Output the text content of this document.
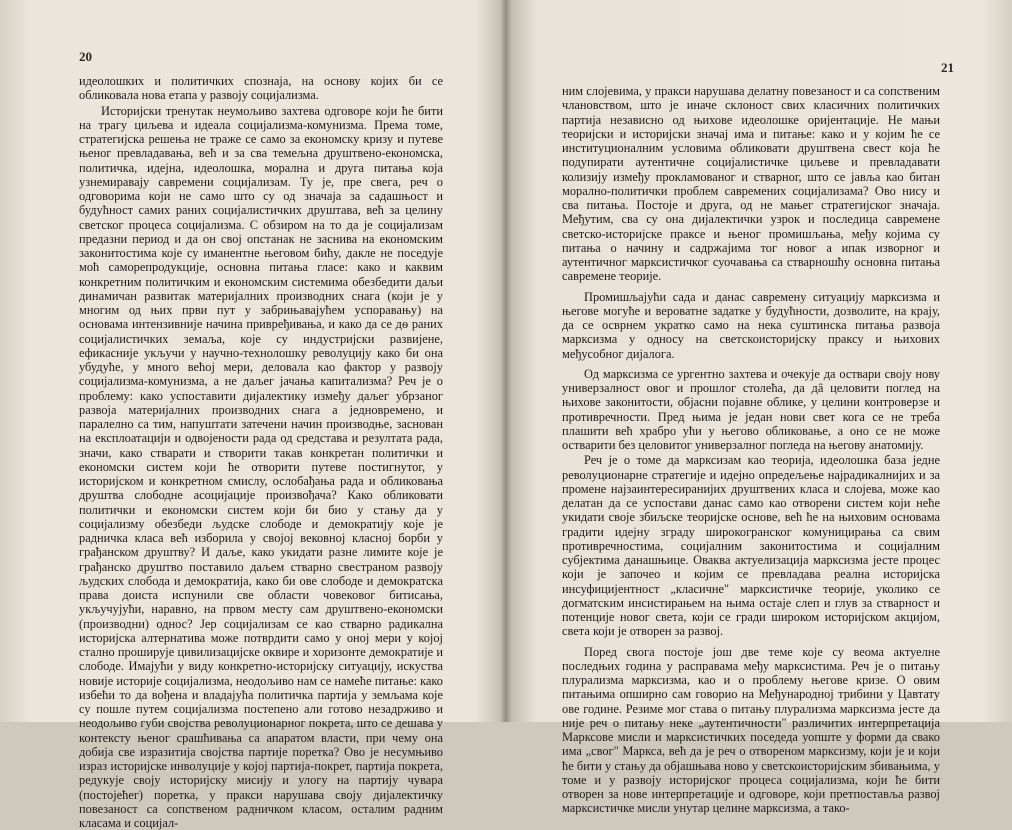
20

идеолошких и политичких спознаја, на основу којих би се обликовала нова етапа у развоју социјализма.

Историјски тренутак неумољиво захтева одговоре који ће бити на трагу циљева и идеала социјализма-комунизма. Према томе, стратегијска решења не траже се само за економску кризу и путеве њеног превладавања, већ и за сва темељна друштвено-економска, политичка, идејна, идеолошка, морална и друга питања која узнемиравају савремени социјализам. Ту је, пре свега, реч о одговорима који не само што су од значаја за садашњост и будућност самих раних социјалистичких друштава, већ за целину светског процеса социјализма. С обзиром на то да је социјализам предазни период и да он свој опстанак не заснива на економским законитостима које су иманентне његовом бићу, дакле не поседује моћ саморепродукције, основна питања гласе: како и каквим конкретним политичким и економским системима обезбедити даљи динамичан развитак материјалних производних снага (који је у многим од њих први пут у забрињавајућем успоравању) на основама интензивније начина привређивања, и како да се дѳ раних социјалистичких земаља, које су индустријски развијене, ефикасније укључи у научно-технолошку револуцију како би она убудуће, у много већој мери, деловала као фактор у развоју социјализма-комунизма, а не даљег јачања капитализма? Реч је о проблему: како успоставити дијалектику између даљег убрзаног развоја материјалних производних снага а једновремено, и паралелно са тим, напуштати затечени начин производње, заснован на експлоатацији и одвојености рада од средстава и резултата рада, значи, како стварати и створити такав конкретан политички и економски систем који ће отворити путеве постигнутог, у историјском и конкретном смислу, ослобађања рада и обликовања друштва слободне асоцијације произвођача? Како обликовати политички и економски систем који би био у стању да у социјализму обезбеди људске слободе и демократију које је радничка класа већ изборила у својој вековној класној борби у грађанском друштву? И даље, како укидати разне лимите које је грађанско друштво поставило даљем стварно свестраном развоју људских слобода и демократија, како би ове слободе и демократска права доиста испунили све области човековог битисања, укључујући, наравно, на првом месту сам друштвено-економски (производни) однос? Јер социјализам се као стварно радикална историјска алтернатива може потврдити само у оној мери у којој стално проширује цивилизацијске оквире и хоризонте демократије и слободе. Имајући у виду конкретно-историјску ситуацију, искуства новије историје социјализма, неодољиво нам се намеће питање: како избећи то да вођена и владајућа политичка партија у земљама које су пошле путем социјализма постепено али готово незадрживо и неодољиво губи својства револуционарног покрета, што се дешава у контексту њеног срашћивања са апаратом власти, при чему она добија све изразитија својства партије поретка? Ово је несумњиво израз историјске инволуције у којој партија-покрет, партија покрета, редукује своју историјску мисију и улогу на партију чувара (постојећег) поретка, у пракси нарушава своју дијалектичку повезаност са сопственом радничком класом, осталим радним класама и социјал-

21

ним слојевима, у пракси нарушава делатну повезаност и са сопственим члановством, што је иначе склоност свих класичних политичких партија независно од њихове идеолошке оријентације. Не мањи теоријски и историјски значај има и питање: како и у којим ће се институционалним условима обликовати друштвена свест која ће подупирати аутентичне социјалистичке циљеве и превладавати колизију између прокламованог и стварног, што се јавља као битан морално-политички проблем савремених социјализама? Ово нису и сва питања. Постоје и друга, од не мањег стратегијског значаја. Међутим, сва су она дијалектички узрок и последица савремене светско-историјске праксе и њеног промишљања, међу којима су питања о начину и садржајима тог новог а ипак изворног и аутентичног марксистичког суочавања са стварношћу основна питања савремене теорије.

Промишљајући сада и данас савремену ситуацију марксизма и његове могуће и вероватне задатке у будућности, дозволите, на крају, да се осврнем укратко само на нека суштинска питања развоја марксизма у односу на светскоисторијску праксу и њихових међусобног дијалога.

Од марксизма се ургентно захтева и очекује да оствари своју нову универзалност овог и прошлог столећа, да дâ целовити поглед на њихове законитости, објасни појавне облике, у целини контроверзе и противречности. Пред њима је један нови свет кога се не треба плашити већ храбро ући у његово обликовање, а оно се не може остварити без целовитог универзалног погледа на његову анатомију.

Реч је о томе да марксизам као теорија, идеолошка база једне револуционарне стратегије и идејно опредељење најрадикалнијих и за промене најзаинтересиранијих друштвених класа и слојева, може као делатан да се успостави данас само као отворени систем који неће укидати своје збиљске теоријске основе, већ ће на њиховим основама градити идејну зграду широкогранског комуницирања са свим противречностима, социјалним законитостима и социјалним субјектима данашњице. Оваква актуелизација марксизма јесте процес који је започео и којим се превладава реална историјска инсуфицијентност „класичне" марксистичке теорије, уколико се догматским инсистирањем на њима остаје слеп и глув за стварност и потенције новог света, који се гради широком историјском акцијом, света који је отворен за развој.

Поред свога постоје још две теме које су веома актуелне последњих година у расправама међу марксистима. Реч је о питању плурализма марксизма, као и о проблему његове кризе. О овим питањима опширно сам говорио на Међународној трибини у Цавтату ове године. Резиме мог става о питању плурализма марксизма јесте да није реч о питању неке „аутентичности" различитих интерпретација Марксове мисли и марксистичких поседеда уопште у форми да свако има „свог" Маркса, већ да је реч о отвореном марксизму, који је и који ће бити у стању да објашњава ново у светскоисторијским збивањима, у томе и у развоју историјског процеса социјализма, који ће бити отворен за нове интерпретације и одговоре, који претпоставља развој марксистичке мисли унутар целине марксизма, а тако-
